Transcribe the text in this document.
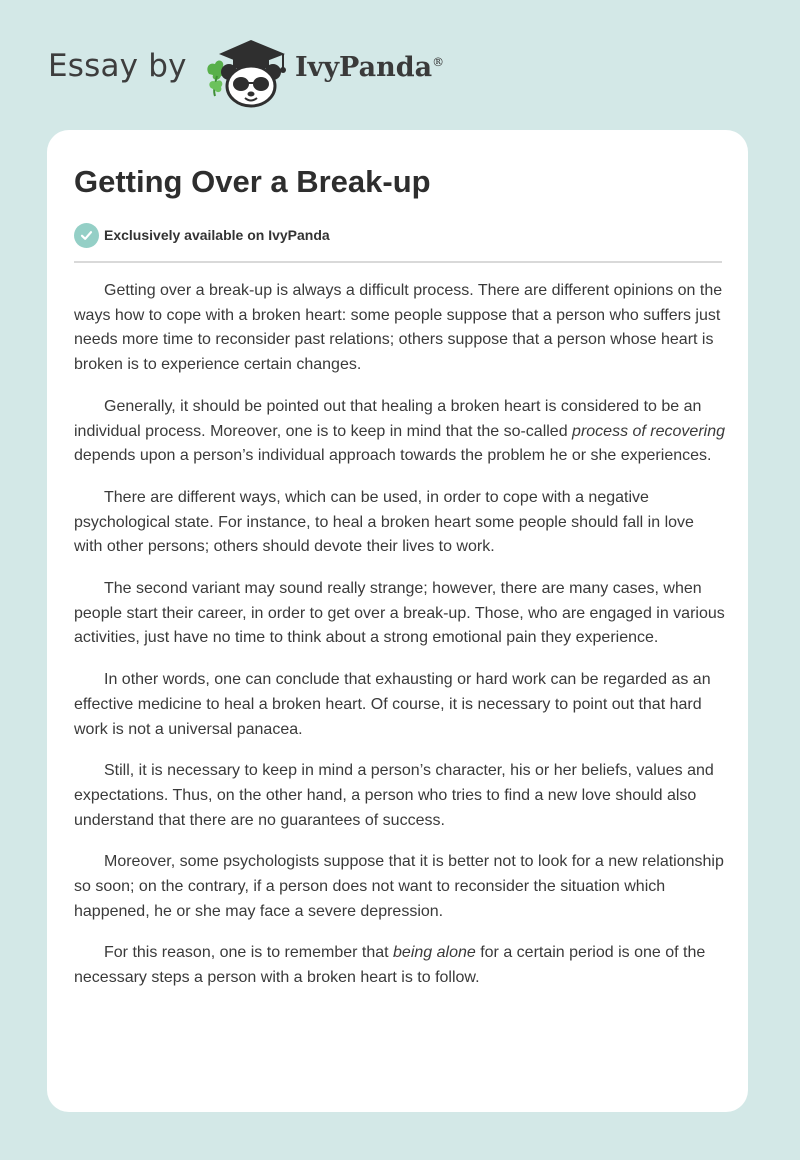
Essay by	IvyPanda®
Getting Over a Break-up
Exclusively available on IvyPanda

Getting over a break-up is always a difficult process. There are different opinions on the ways how to cope with a broken heart: some people suppose that a person who suffers just needs more time to reconsider past relations; others suppose that a person whose heart is broken is to experience certain changes.

Generally, it should be pointed out that healing a broken heart is considered to be an individual process. Moreover, one is to keep in mind that the so-called process of recovering depends upon a person’s individual approach towards the problem he or she experiences.

There are different ways, which can be used, in order to cope with a negative psychological state. For instance, to heal a broken heart some people should fall in love with other persons; others should devote their lives to work.

The second variant may sound really strange; however, there are many cases, when people start their career, in order to get over a break-up. Those, who are engaged in various activities, just have no time to think about a strong emotional pain they experience.

In other words, one can conclude that exhausting or hard work can be regarded as an effective medicine to heal a broken heart. Of course, it is necessary to point out that hard work is not a universal panacea.

Still, it is necessary to keep in mind a person’s character, his or her beliefs, values and expectations. Thus, on the other hand, a person who tries to find a new love should also understand that there are no guarantees of success.

Moreover, some psychologists suppose that it is better not to look for a new relationship so soon; on the contrary, if a person does not want to reconsider the situation which happened, he or she may face a severe depression.

For this reason, one is to remember that being alone for a certain period is one of the necessary steps a person with a broken heart is to follow.
